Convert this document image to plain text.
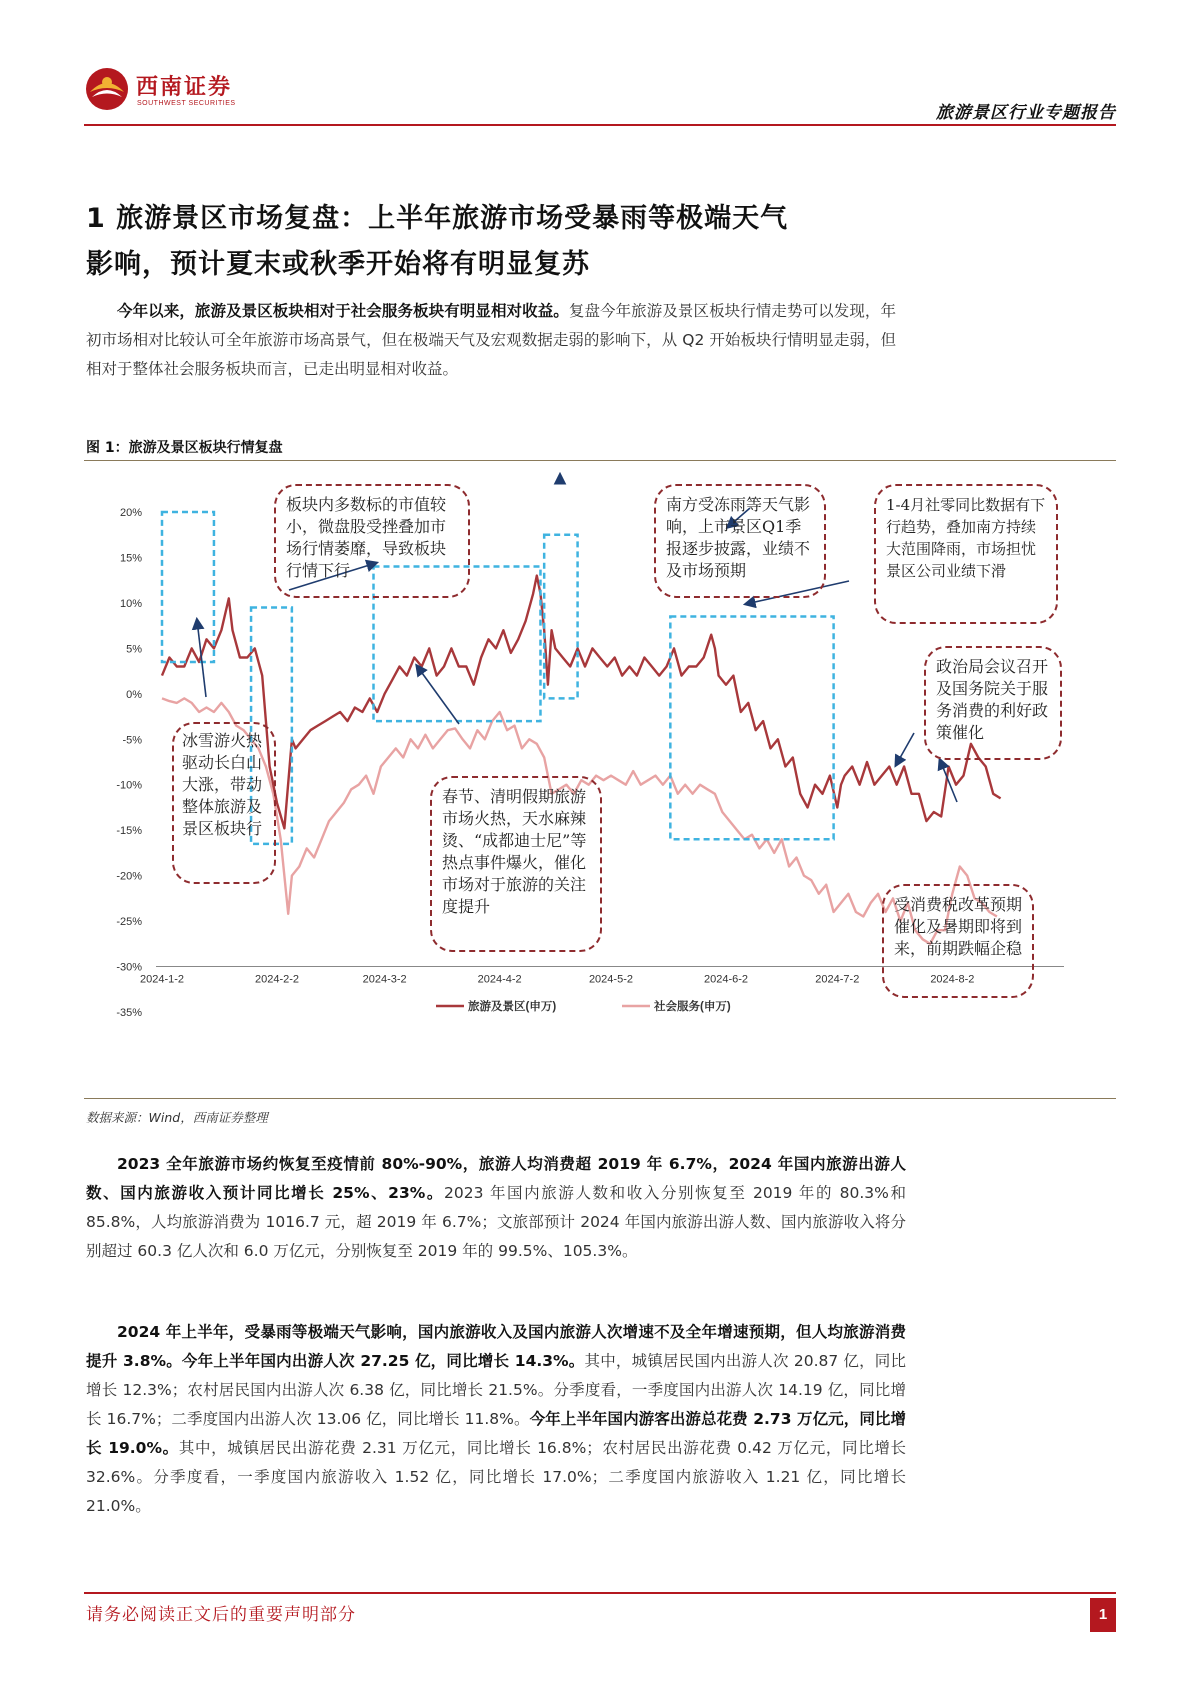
西南证券
SOUTHWEST SECURITIES	旅游景区行业专题报告
1 旅游景区市场复盘：上半年旅游市场受暴雨等极端天气
影响，预计夏末或秋季开始将有明显复苏
今年以来，旅游及景区板块相对于社会服务板块有明显相对收益。复盘今年旅游及景区板块行情走势可以发现，年初市场相对比较认可全年旅游市场高景气，但在极端天气及宏观数据走弱的影响下，从 Q2 开始板块行情明显走弱，但相对于整体社会服务板块而言，已走出明显相对收益。
图 1：旅游及景区板块行情复盘
20%
15%
10%
5%
0%
-5%
-10%
-15%
-20%
-25%
-30%
-35%
2024-1-2	2024-2-2	2024-3-2	2024-4-2	2024-5-2	2024-6-2	2024-7-2	2024-8-2
旅游及景区(申万)	社会服务(申万)
冰雪游火热驱动长白山大涨，带动整体旅游及景区板块行
板块内多数标的市值较小，微盘股受挫叠加市场行情萎靡，导致板块行情下行
春节、清明假期旅游市场火热，天水麻辣烫、“成都迪士尼”等热点事件爆火，催化市场对于旅游的关注度提升
南方受冻雨等天气影响，上市景区Q1季报逐步披露，业绩不及市场预期
1-4月社零同比数据有下行趋势，叠加南方持续大范围降雨，市场担忧景区公司业绩下滑
政治局会议召开及国务院关于服务消费的利好政策催化
受消费税改革预期催化及暑期即将到来，前期跌幅企稳
数据来源：Wind，西南证券整理
2023 全年旅游市场约恢复至疫情前 80%-90%，旅游人均消费超 2019 年 6.7%，2024 年国内旅游出游人数、国内旅游收入预计同比增长 25%、23%。2023 年国内旅游人数和收入分别恢复至 2019 年的 80.3%和 85.8%，人均旅游消费为 1016.7 元，超 2019 年 6.7%；文旅部预计 2024 年国内旅游出游人数、国内旅游收入将分别超过 60.3 亿人次和 6.0 万亿元，分别恢复至 2019 年的 99.5%、105.3%。
2024 年上半年，受暴雨等极端天气影响，国内旅游收入及国内旅游人次增速不及全年增速预期，但人均旅游消费提升 3.8%。今年上半年国内出游人次 27.25 亿，同比增长 14.3%。其中，城镇居民国内出游人次 20.87 亿，同比增长 12.3%；农村居民国内出游人次 6.38 亿，同比增长 21.5%。分季度看，一季度国内出游人次 14.19 亿，同比增长 16.7%；二季度国内出游人次 13.06 亿，同比增长 11.8%。今年上半年国内游客出游总花费 2.73 万亿元，同比增长 19.0%。其中，城镇居民出游花费 2.31 万亿元，同比增长 16.8%；农村居民出游花费 0.42 万亿元，同比增长 32.6%。分季度看，一季度国内旅游收入 1.52 亿，同比增长 17.0%；二季度国内旅游收入 1.21 亿，同比增长 21.0%。
请务必阅读正文后的重要声明部分	1
